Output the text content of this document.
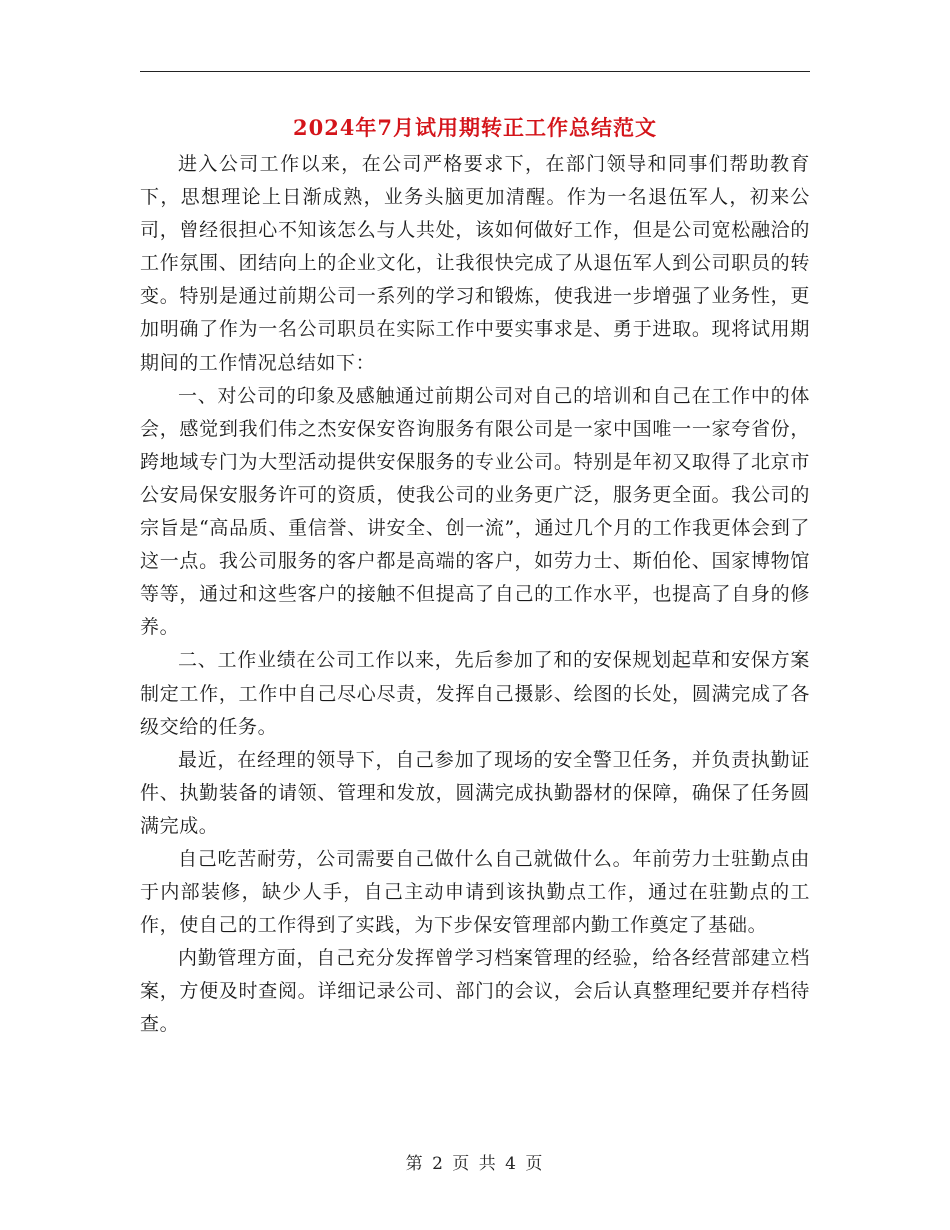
2024年7月试用期转正工作总结范文

进入公司工作以来，在公司严格要求下，在部门领导和同事们帮助教育下，思想理论上日渐成熟，业务头脑更加清醒。作为一名退伍军人，初来公司，曾经很担心不知该怎么与人共处，该如何做好工作，但是公司宽松融洽的工作氛围、团结向上的企业文化，让我很快完成了从退伍军人到公司职员的转变。特别是通过前期公司一系列的学习和锻炼，使我进一步增强了业务性，更加明确了作为一名公司职员在实际工作中要实事求是、勇于进取。现将试用期期间的工作情况总结如下：

一、对公司的印象及感触通过前期公司对自己的培训和自己在工作中的体会，感觉到我们伟之杰安保安咨询服务有限公司是一家中国唯一一家夸省份，跨地域专门为大型活动提供安保服务的专业公司。特别是年初又取得了北京市公安局保安服务许可的资质，使我公司的业务更广泛，服务更全面。我公司的宗旨是“高品质、重信誉、讲安全、创一流”，通过几个月的工作我更体会到了这一点。我公司服务的客户都是高端的客户，如劳力士、斯伯伦、国家博物馆等等，通过和这些客户的接触不但提高了自己的工作水平，也提高了自身的修养。

二、工作业绩在公司工作以来，先后参加了和的安保规划起草和安保方案制定工作，工作中自己尽心尽责，发挥自己摄影、绘图的长处，圆满完成了各级交给的任务。

最近，在经理的领导下，自己参加了现场的安全警卫任务，并负责执勤证件、执勤装备的请领、管理和发放，圆满完成执勤器材的保障，确保了任务圆满完成。

自己吃苦耐劳，公司需要自己做什么自己就做什么。年前劳力士驻勤点由于内部装修，缺少人手，自己主动申请到该执勤点工作，通过在驻勤点的工作，使自己的工作得到了实践，为下步保安管理部内勤工作奠定了基础。

内勤管理方面，自己充分发挥曾学习档案管理的经验，给各经营部建立档案，方便及时查阅。详细记录公司、部门的会议，会后认真整理纪要并存档待查。

第 2 页 共 4 页
